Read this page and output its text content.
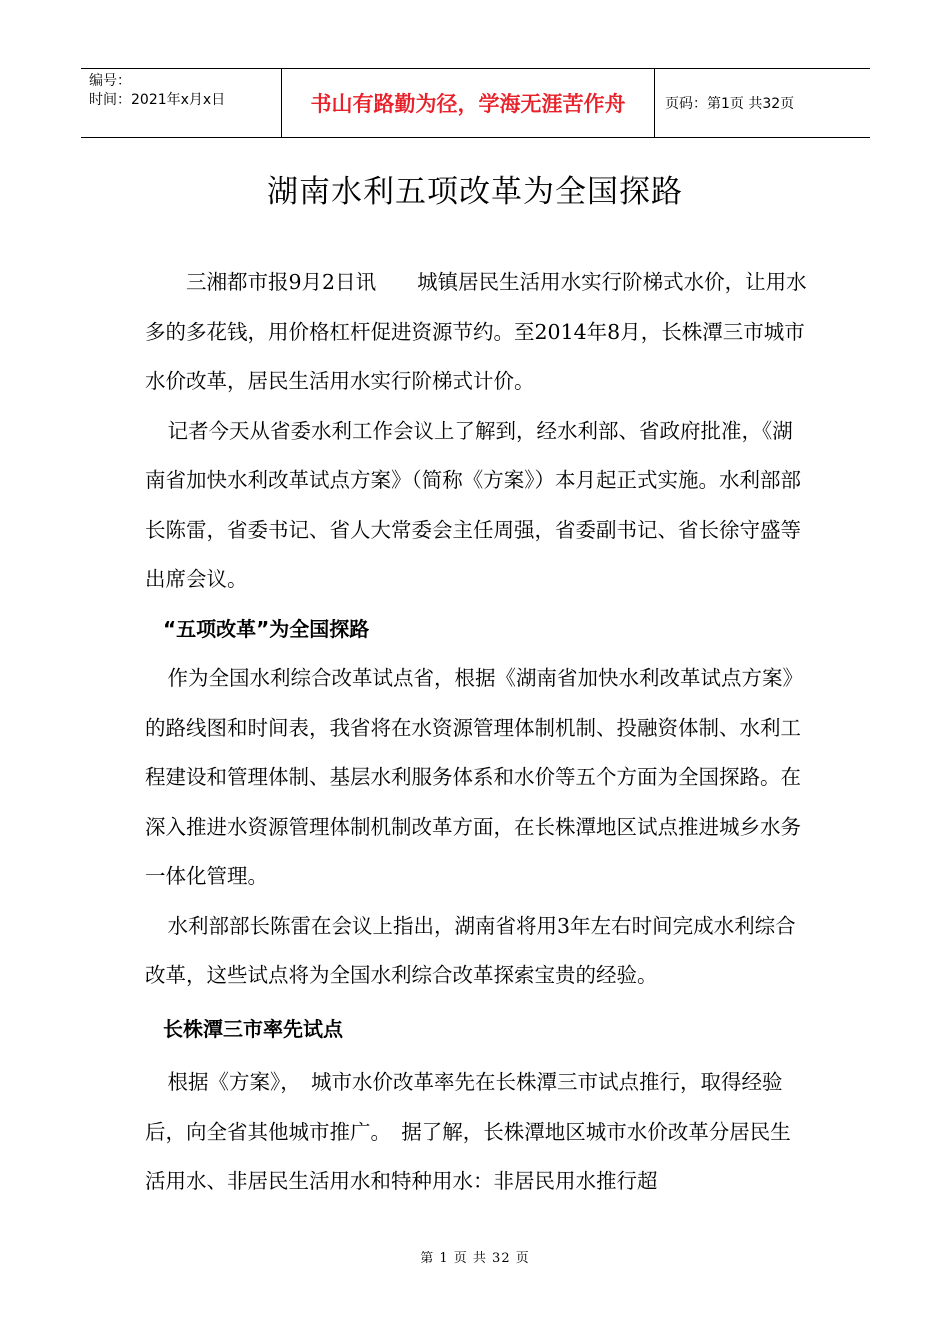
编号：
时间：2021年x月x日	书山有路勤为径，学海无涯苦作舟	页码：第1页 共32页
湖南水利五项改革为全国探路

三湘都市报9月2日讯　　城镇居民生活用水实行阶梯式水价，让用水多的多花钱，用价格杠杆促进资源节约。至2014年8月，长株潭三市城市水价改革，居民生活用水实行阶梯式计价。

记者今天从省委水利工作会议上了解到，经水利部、省政府批准，《湖南省加快水利改革试点方案》（简称《方案》）本月起正式实施。水利部部长陈雷，省委书记、省人大常委会主任周强，省委副书记、省长徐守盛等出席会议。

“五项改革”为全国探路

作为全国水利综合改革试点省，根据《湖南省加快水利改革试点方案》的路线图和时间表，我省将在水资源管理体制机制、投融资体制、水利工程建设和管理体制、基层水利服务体系和水价等五个方面为全国探路。在深入推进水资源管理体制机制改革方面，在长株潭地区试点推进城乡水务一体化管理。

水利部部长陈雷在会议上指出，湖南省将用3年左右时间完成水利综合改革，这些试点将为全国水利综合改革探索宝贵的经验。

长株潭三市率先试点

根据《方案》，　城市水价改革率先在长株潭三市试点推行，取得经验后，向全省其他城市推广。　据了解，长株潭地区城市水价改革分居民生活用水、非居民生活用水和特种用水：非居民用水推行超

第 1 页 共 32 页
